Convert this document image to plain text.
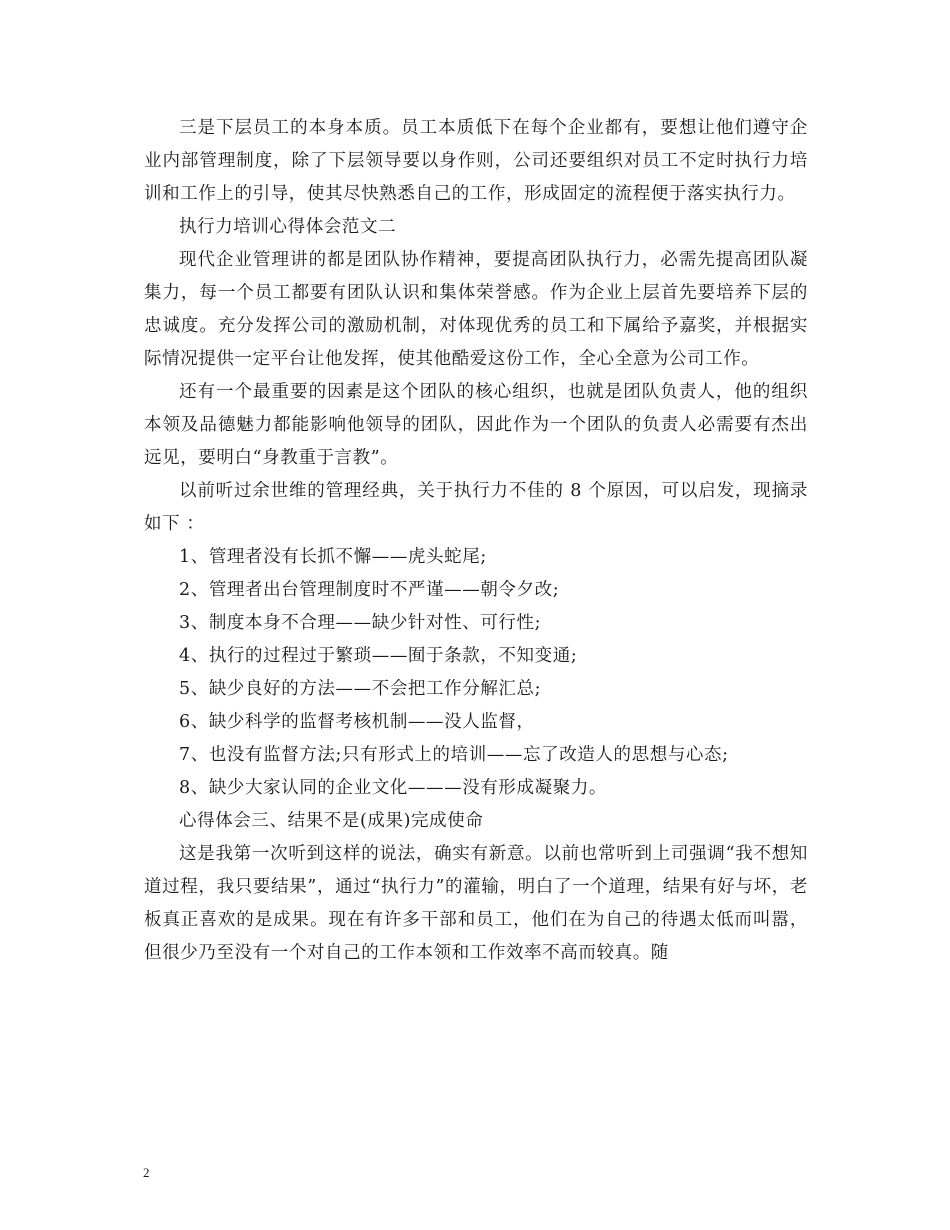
三是下层员工的本身本质。员工本质低下在每个企业都有，要想让他们遵守企业内部管理制度，除了下层领导要以身作则，公司还要组织对员工不定时执行力培训和工作上的引导，使其尽快熟悉自己的工作，形成固定的流程便于落实执行力。

执行力培训心得体会范文二

现代企业管理讲的都是团队协作精神，要提高团队执行力，必需先提高团队凝集力，每一个员工都要有团队认识和集体荣誉感。作为企业上层首先要培养下层的忠诚度。充分发挥公司的激励机制，对体现优秀的员工和下属给予嘉奖，并根据实际情况提供一定平台让他发挥，使其他酷爱这份工作，全心全意为公司工作。

还有一个最重要的因素是这个团队的核心组织，也就是团队负责人，他的组织本领及品德魅力都能影响他领导的团队，因此作为一个团队的负责人必需要有杰出远见，要明白“身教重于言教”。

以前听过余世维的管理经典，关于执行力不佳的 8 个原因，可以启发，现摘录如下 ：

1、管理者没有长抓不懈——虎头蛇尾;

2、管理者出台管理制度时不严谨——朝令夕改;

3、制度本身不合理——缺少针对性、可行性;

4、执行的过程过于繁琐——囿于条款，不知变通;

5、缺少良好的方法——不会把工作分解汇总;

6、缺少科学的监督考核机制——没人监督，

7、也没有监督方法;只有形式上的培训——忘了改造人的思想与心态;

8、缺少大家认同的企业文化———没有形成凝聚力。

心得体会三、结果不是(成果)完成使命

这是我第一次听到这样的说法，确实有新意。以前也常听到上司强调“我不想知道过程，我只要结果”，通过“执行力”的灌输，明白了一个道理，结果有好与坏，老板真正喜欢的是成果。现在有许多干部和员工，他们在为自己的待遇太低而叫嚣，但很少乃至没有一个对自己的工作本领和工作效率不高而较真。随

2
